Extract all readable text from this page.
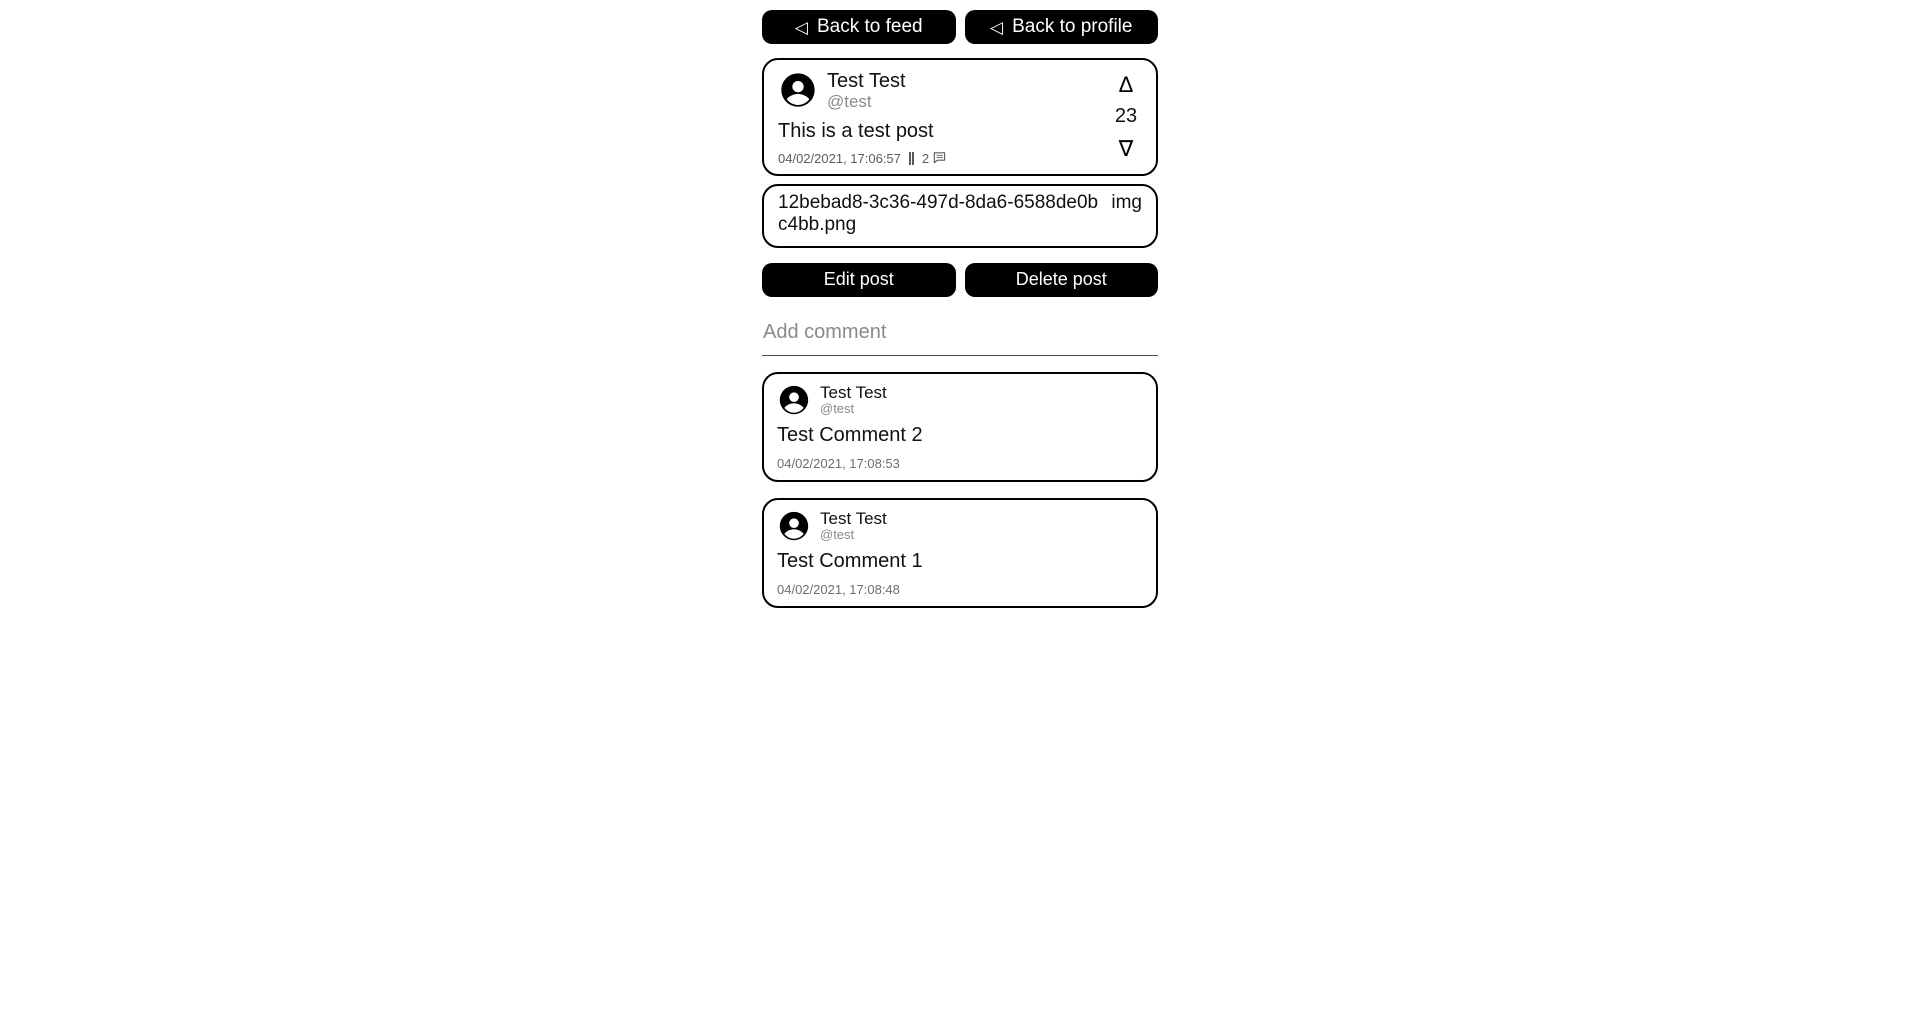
◁ Back to feed	◁ Back to profile
Test Test
@test
This is a test post
04/02/2021, 17:06:57 2
Δ
23
∇
12bebad8-3c36-497d-8da6-6588de0bc4bb.png
img
Edit post	Delete post
Add comment
Test Test
@test
Test Comment 2
04/02/2021, 17:08:53
Test Test
@test
Test Comment 1
04/02/2021, 17:08:48
